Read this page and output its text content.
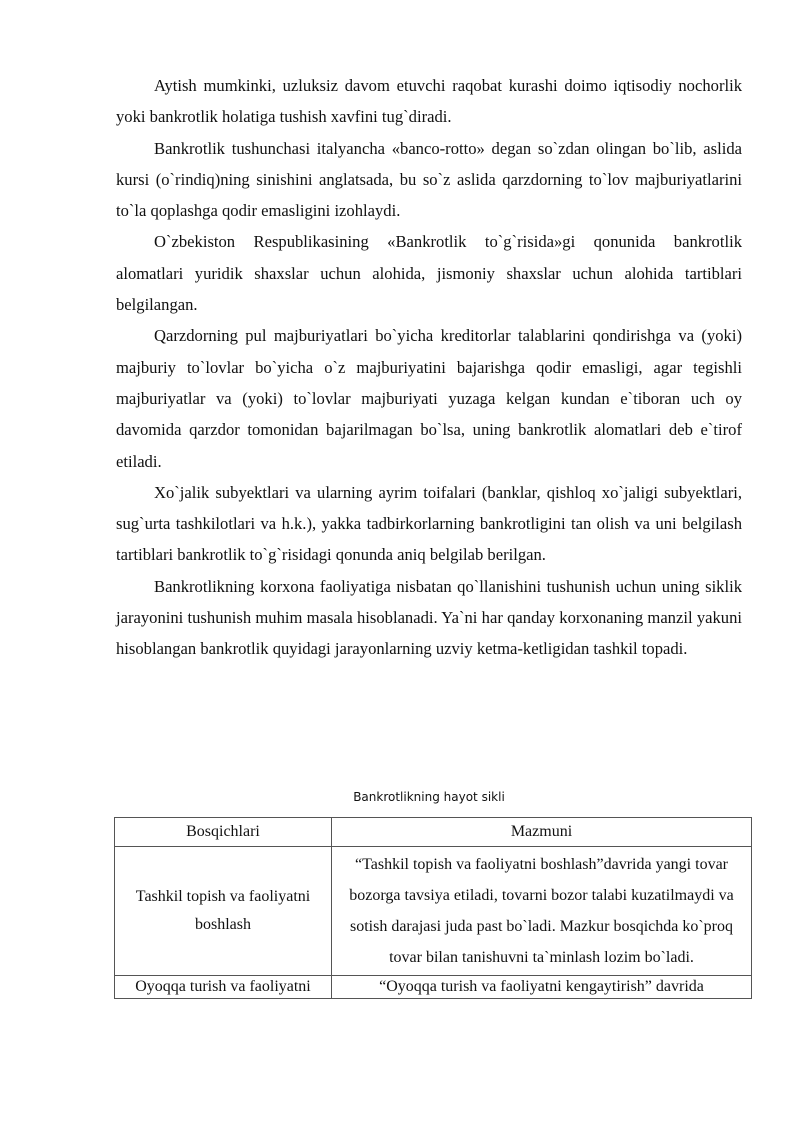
Aytish mumkinki, uzluksiz davom etuvchi raqobat kurashi doimo iqtisodiy nochorlik yoki bankrotlik holatiga tushish xavfini tug`diradi.

Bankrotlik tushunchasi italyancha «banco-rotto» degan so`zdan olingan bo`lib, aslida kursi (o`rindiq)ning sinishini anglatsada, bu so`z aslida qarzdorning to`lov majburiyatlarini to`la qoplashga qodir emasligini izohlaydi.

O`zbekiston Respublikasining «Bankrotlik to`g`risida»gi qonunida bankrotlik alomatlari yuridik shaxslar uchun alohida, jismoniy shaxslar uchun alohida tartiblari belgilangan.

Qarzdorning pul majburiyatlari bo`yicha kreditorlar talablarini qondirishga va (yoki) majburiy to`lovlar bo`yicha o`z majburiyatini bajarishga qodir emasligi, agar tegishli majburiyatlar va (yoki) to`lovlar majburiyati yuzaga kelgan kundan e`tiboran uch oy davomida qarzdor tomonidan bajarilmagan bo`lsa, uning bankrotlik alomatlari deb e`tirof etiladi.

Xo`jalik subyektlari va ularning ayrim toifalari (banklar, qishloq xo`jaligi subyektlari, sug`urta tashkilotlari va h.k.), yakka tadbirkorlarning bankrotligini tan olish va uni belgilash tartiblari bankrotlik to`g`risidagi qonunda aniq belgilab berilgan.

Bankrotlikning korxona faoliyatiga nisbatan qo`llanishini tushunish uchun uning siklik jarayonini tushunish muhim masala hisoblanadi. Ya`ni har qanday korxonaning manzil yakuni hisoblangan bankrotlik quyidagi jarayonlarning uzviy ketma-ketligidan tashkil topadi.

Bankrotlikning hayot sikli
Bosqichlari	Mazmuni
Tashkil topish va faoliyatni boshlash	“Tashkil topish va faoliyatni boshlash”davrida yangi tovar bozorga tavsiya etiladi, tovarni bozor talabi kuzatilmaydi va sotish darajasi juda past bo`ladi. Mazkur bosqichda ko`proq tovar bilan tanishuvni ta`minlash lozim bo`ladi.
Oyoqqa turish va faoliyatni	“Oyoqqa turish va faoliyatni kengaytirish” davrida
